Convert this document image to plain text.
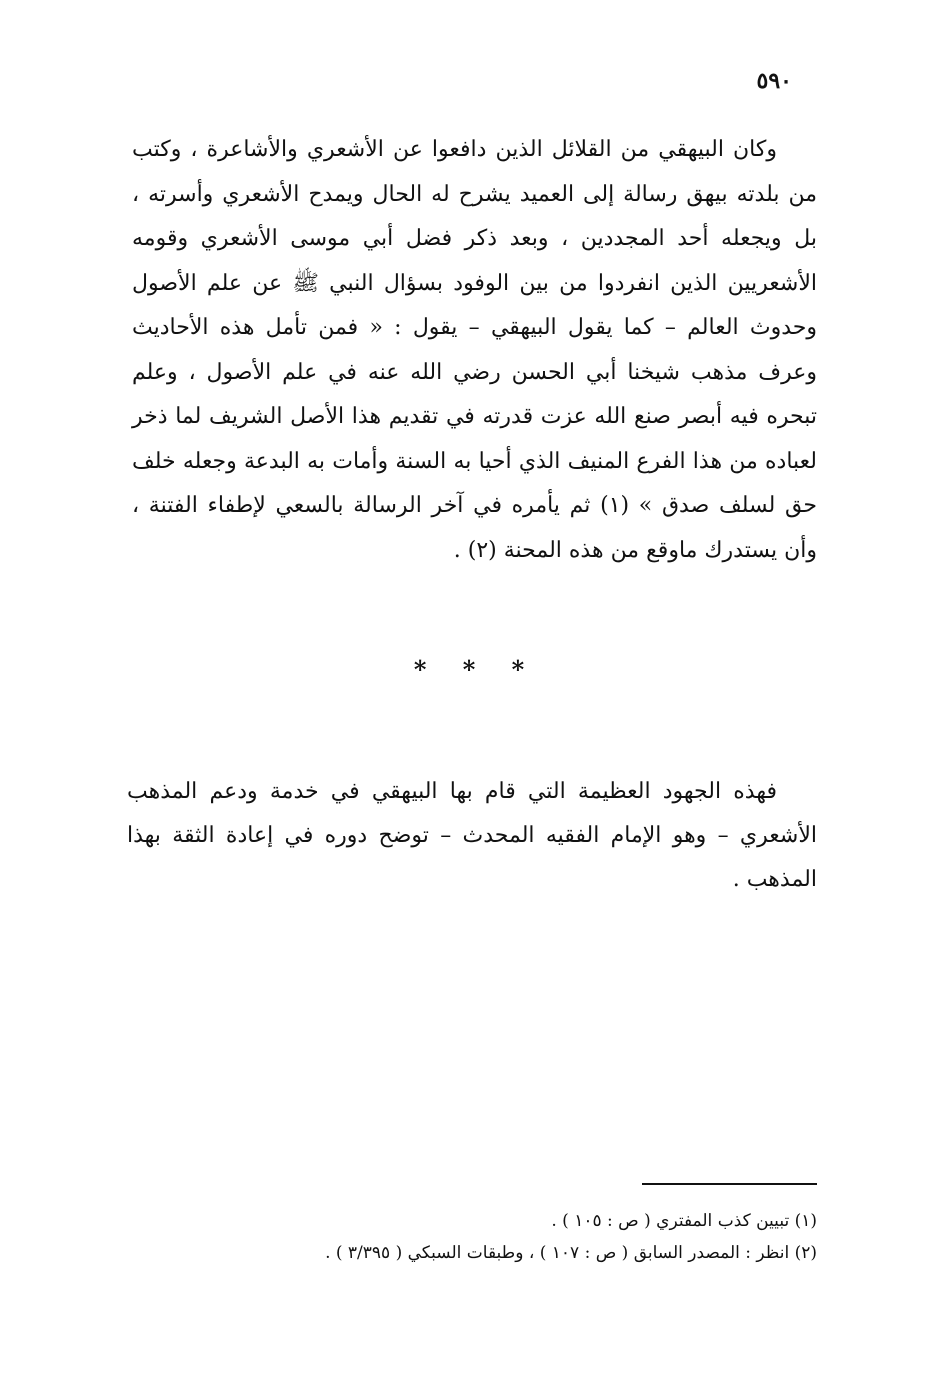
٥٩٠

وكان البيهقي من القلائل الذين دافعوا عن الأشعري والأشاعرة ، وكتب من بلدته بيهق رسالة إلى العميد يشرح له الحال ويمدح الأشعري وأسرته ، بل ويجعله أحد المجددين ، وبعد ذكر فضل أبي موسى الأشعري وقومه الأشعريين الذين انفردوا من بين الوفود بسؤال النبي ﷺ عن علم الأصول وحدوث العالم – كما يقول البيهقي – يقول : « فمن تأمل هذه الأحاديث وعرف مذهب شيخنا أبي الحسن رضي الله عنه في علم الأصول ، وعلم تبحره فيه أبصر صنع الله عزت قدرته في تقديم هذا الأصل الشريف لما ذخر لعباده من هذا الفرع المنيف الذي أحيا به السنة وأمات به البدعة وجعله خلف حق لسلف صدق » (١) ثم يأمره في آخر الرسالة بالسعي لإطفاء الفتنة ، وأن يستدرك ماوقع من هذه المحنة (٢) .

* * *

فهذه الجهود العظيمة التي قام بها البيهقي في خدمة ودعم المذهب الأشعري – وهو الإمام الفقيه المحدث – توضح دوره في إعادة الثقة بهذا المذهب .

(١) تبيين كذب المفتري ( ص : ١٠٥ ) .

(٢) انظر : المصدر السابق ( ص : ١٠٧ ) ، وطبقات السبكي ( ٣/٣٩٥ ) .
